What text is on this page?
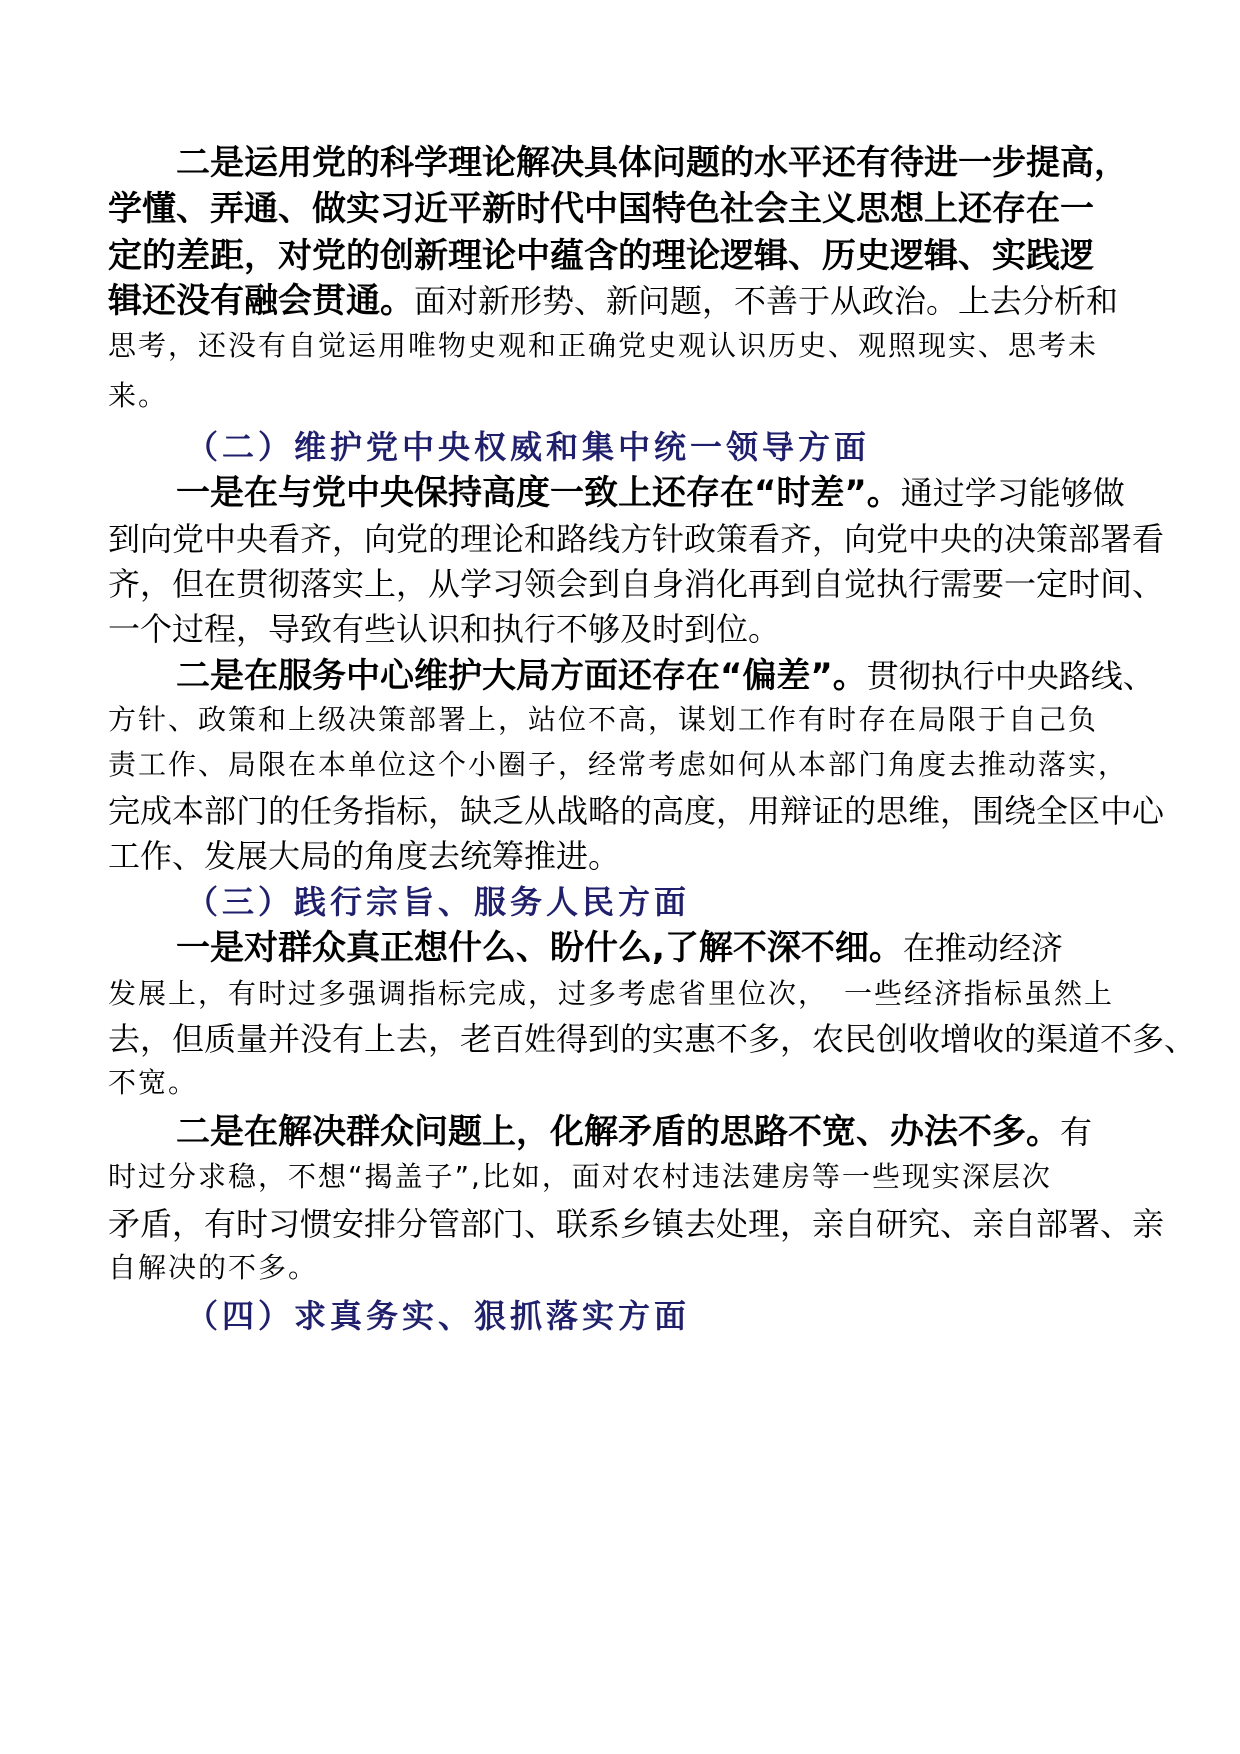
二是运用党的科学理论解决具体问题的水平还有待进一步提高，
学懂、弄通、做实习近平新时代中国特色社会主义思想上还存在一
定的差距，对党的创新理论中蕴含的理论逻辑、历史逻辑、实践逻
辑还没有融会贯通。面对新形势、新问题，不善于从政治。上去分析和
思考，还没有自觉运用唯物史观和正确党史观认识历史、观照现实、思考未
来。
（二）维护党中央权威和集中统一领导方面
一是在与党中央保持高度一致上还存在“时差”。通过学习能够做
到向党中央看齐，向党的理论和路线方针政策看齐，向党中央的决策部署看
齐，但在贯彻落实上，从学习领会到自身消化再到自觉执行需要一定时间、
一个过程，导致有些认识和执行不够及时到位。
二是在服务中心维护大局方面还存在“偏差”。贯彻执行中央路线、
方针、政策和上级决策部署上，站位不高，谋划工作有时存在局限于自己负
责工作、局限在本单位这个小圈子，经常考虑如何从本部门角度去推动落实，
完成本部门的任务指标，缺乏从战略的高度，用辩证的思维，围绕全区中心
工作、发展大局的角度去统筹推进。
（三）践行宗旨、服务人民方面
一是对群众真正想什么、盼什么,了解不深不细。在推动经济
发展上，有时过多强调指标完成，过多考虑省里位次，　一些经济指标虽然上
去，但质量并没有上去，老百姓得到的实惠不多，农民创收增收的渠道不多、
不宽。
二是在解决群众问题上，化解矛盾的思路不宽、办法不多。有
时过分求稳，不想“揭盖子”,比如，面对农村违法建房等一些现实深层次
矛盾，有时习惯安排分管部门、联系乡镇去处理，亲自研究、亲自部署、亲
自解决的不多。
（四）求真务实、狠抓落实方面
